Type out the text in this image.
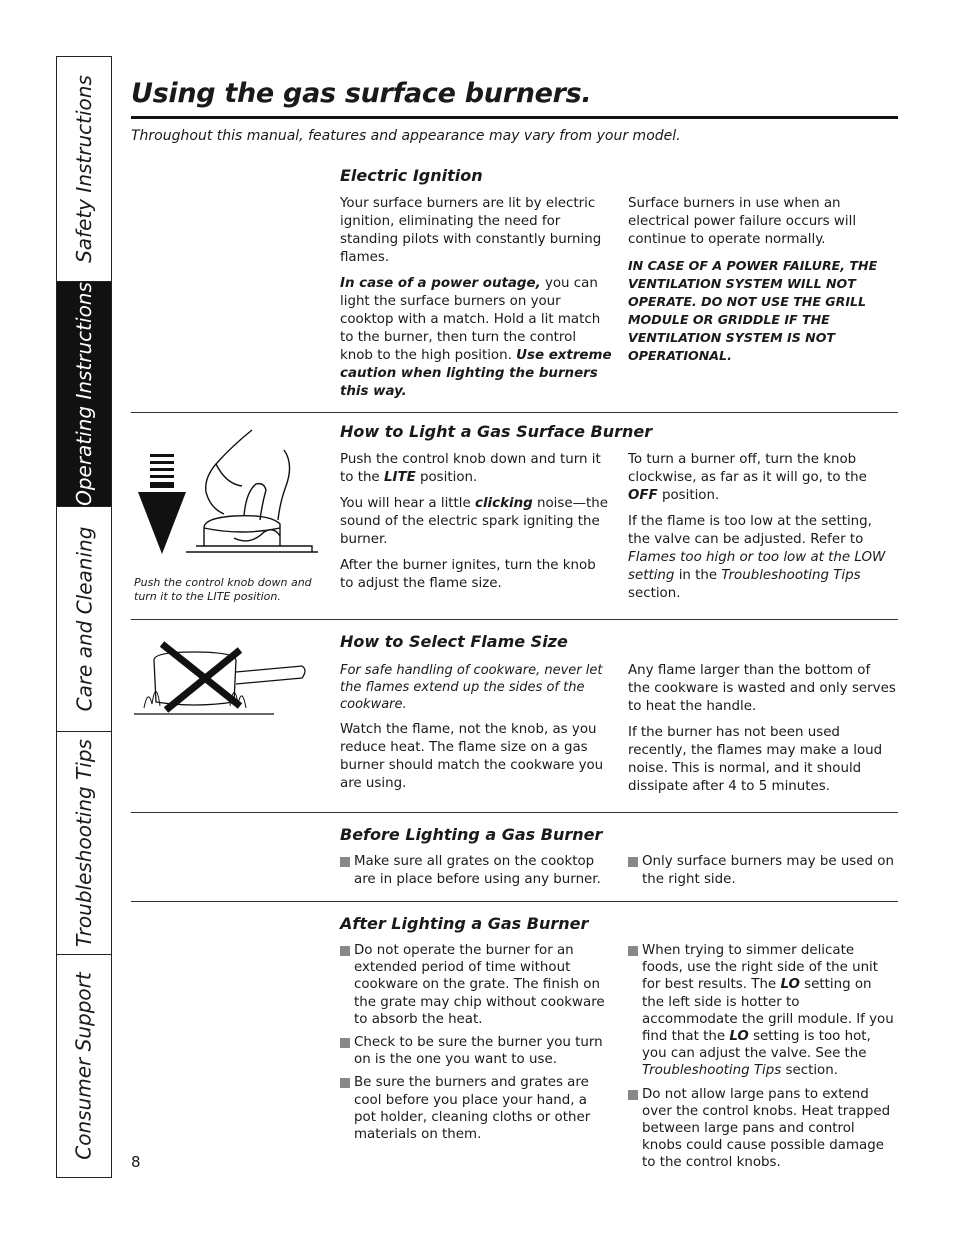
Safety Instructions
Operating Instructions
Care and Cleaning
Troubleshooting Tips
Consumer Support
Using the gas surface burners.
Throughout this manual, features and appearance may vary from your model.
Electric Ignition

Your surface burners are lit by electric ignition, eliminating the need for standing pilots with constantly burning flames.

In case of a power outage, you can light the surface burners on your cooktop with a match. Hold a lit match to the burner, then turn the control knob to the high position. Use extreme caution when lighting the burners this way.

Surface burners in use when an electrical power failure occurs will continue to operate normally.

IN CASE OF A POWER FAILURE, THE VENTILATION SYSTEM WILL NOT OPERATE. DO NOT USE THE GRILL MODULE OR GRIDDLE IF THE VENTILATION SYSTEM IS NOT OPERATIONAL.

Push the control knob down and turn it to the LITE position.
How to Light a Gas Surface Burner

Push the control knob down and turn it to the LITE position.

You will hear a little clicking noise—the sound of the electric spark igniting the burner.

After the burner ignites, turn the knob to adjust the flame size.

To turn a burner off, turn the knob clockwise, as far as it will go, to the OFF position.

If the flame is too low at the setting, the valve can be adjusted. Refer to Flames too high or too low at the LOW setting in the Troubleshooting Tips section.

How to Select Flame Size

For safe handling of cookware, never let the flames extend up the sides of the cookware.

Watch the flame, not the knob, as you reduce heat. The flame size on a gas burner should match the cookware you are using.

Any flame larger than the bottom of the cookware is wasted and only serves to heat the handle.

If the burner has not been used recently, the flames may make a loud noise. This is normal, and it should dissipate after 4 to 5 minutes.

Before Lighting a Gas Burner
Make sure all grates on the cooktop are in place before using any burner.
Only surface burners may be used on the right side.
After Lighting a Gas Burner
Do not operate the burner for an extended period of time without cookware on the grate. The finish on the grate may chip without cookware to absorb the heat.
Check to be sure the burner you turn on is the one you want to use.
Be sure the burners and grates are cool before you place your hand, a pot holder, cleaning cloths or other materials on them.
When trying to simmer delicate foods, use the right side of the unit for best results. The LO setting on the left side is hotter to accommodate the grill module. If you find that the LO setting is too hot, you can adjust the valve. See the Troubleshooting Tips section.
Do not allow large pans to extend over the control knobs. Heat trapped between large pans and control knobs could cause possible damage to the control knobs.
8
